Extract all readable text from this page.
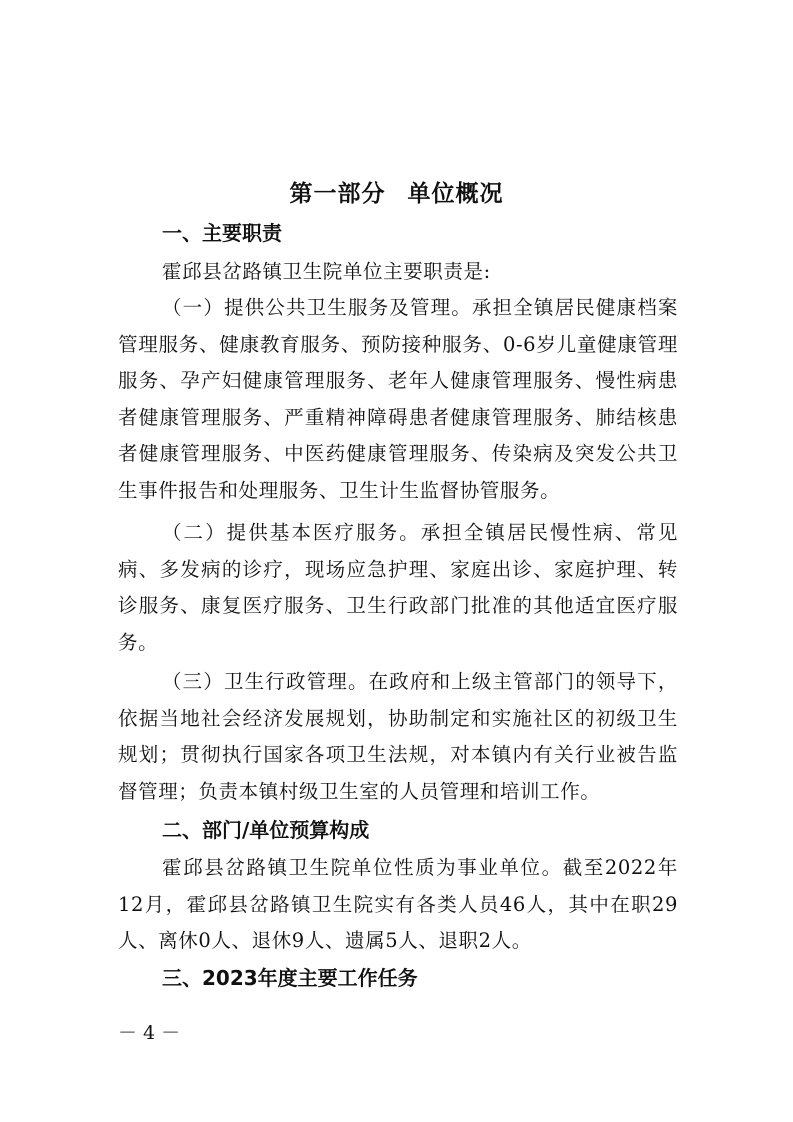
第一部分 单位概况
一、主要职责
霍邱县岔路镇卫生院单位主要职责是:
（一）提供公共卫生服务及管理。承担全镇居民健康档案管理服务、健康教育服务、预防接种服务、0-6岁儿童健康管理服务、孕产妇健康管理服务、老年人健康管理服务、慢性病患者健康管理服务、严重精神障碍患者健康管理服务、肺结核患者健康管理服务、中医药健康管理服务、传染病及突发公共卫生事件报告和处理服务、卫生计生监督协管服务。
（二）提供基本医疗服务。承担全镇居民慢性病、常见病、多发病的诊疗，现场应急护理、家庭出诊、家庭护理、转诊服务、康复医疗服务、卫生行政部门批准的其他适宜医疗服务。
（三）卫生行政管理。在政府和上级主管部门的领导下，依据当地社会经济发展规划，协助制定和实施社区的初级卫生规划；贯彻执行国家各项卫生法规，对本镇内有关行业被告监督管理；负责本镇村级卫生室的人员管理和培训工作。
二、部门/单位预算构成
霍邱县岔路镇卫生院单位性质为事业单位。截至2022年12月，霍邱县岔路镇卫生院实有各类人员46人，其中在职29人、离休0人、退休9人、遗属5人、退职2人。
三、2023年度主要工作任务
－ 4 －
